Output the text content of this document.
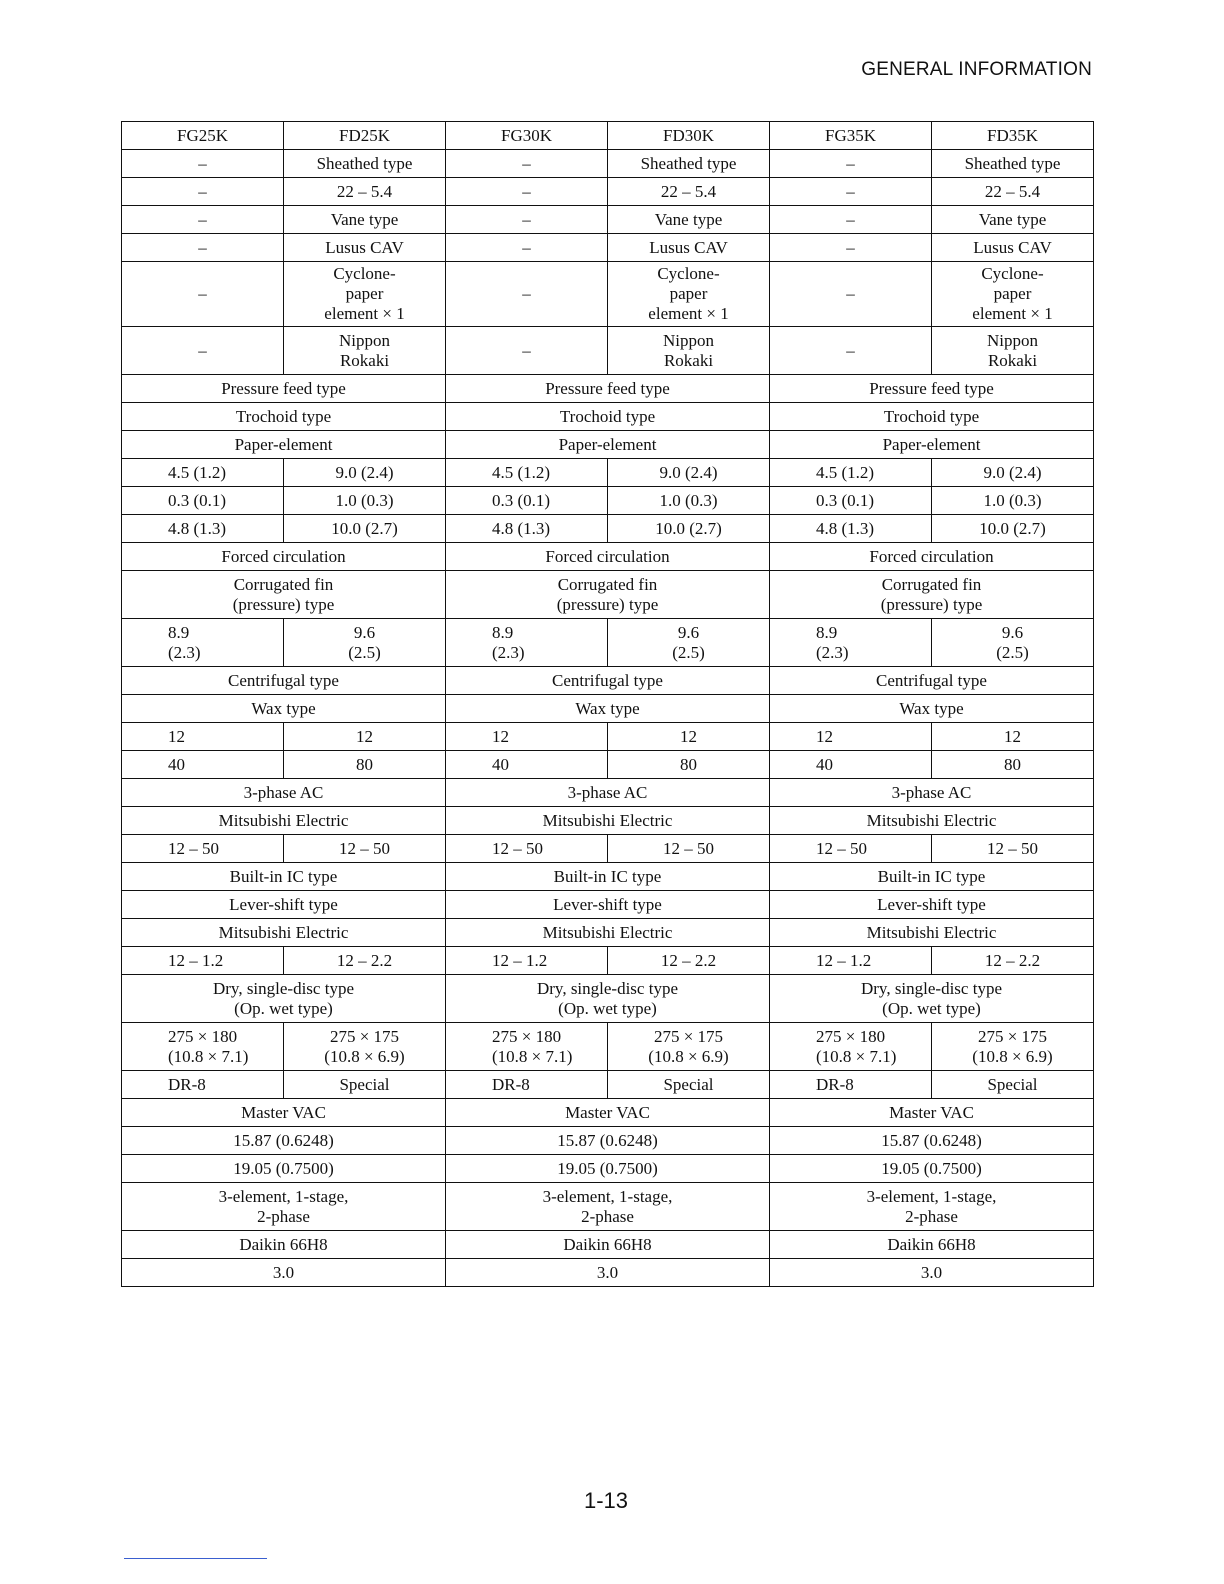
GENERAL INFORMATION
FG25K	FD25K	FG30K	FD30K	FG35K	FD35K
–	Sheathed type	–	Sheathed type	–	Sheathed type
–	22 – 5.4	–	22 – 5.4	–	22 – 5.4
–	Vane type	–	Vane type	–	Vane type
–	Lusus CAV	–	Lusus CAV	–	Lusus CAV
–	Cyclone-
paper
element × 1	–	Cyclone-
paper
element × 1	–	Cyclone-
paper
element × 1
–	Nippon
Rokaki	–	Nippon
Rokaki	–	Nippon
Rokaki
Pressure feed type		Pressure feed type		Pressure feed type	
Trochoid type		Trochoid type		Trochoid type	
Paper-element		Paper-element		Paper-element	
4.5 (1.2)	9.0 (2.4)	4.5 (1.2)	9.0 (2.4)	4.5 (1.2)	9.0 (2.4)
0.3 (0.1)	1.0 (0.3)	0.3 (0.1)	1.0 (0.3)	0.3 (0.1)	1.0 (0.3)
4.8 (1.3)	10.0 (2.7)	4.8 (1.3)	10.0 (2.7)	4.8 (1.3)	10.0 (2.7)
Forced circulation		Forced circulation		Forced circulation	
Corrugated fin
(pressure) type		Corrugated fin
(pressure) type		Corrugated fin
(pressure) type	
8.9
(2.3)	9.6
(2.5)	8.9
(2.3)	9.6
(2.5)	8.9
(2.3)	9.6
(2.5)
Centrifugal type		Centrifugal type		Centrifugal type	
Wax type		Wax type		Wax type	
12	12	12	12	12	12
40	80	40	80	40	80
3-phase AC		3-phase AC		3-phase AC	
Mitsubishi Electric		Mitsubishi Electric		Mitsubishi Electric	
12 – 50	12 – 50	12 – 50	12 – 50	12 – 50	12 – 50
Built-in IC type		Built-in IC type		Built-in IC type	
Lever-shift type		Lever-shift type		Lever-shift type	
Mitsubishi Electric		Mitsubishi Electric		Mitsubishi Electric	
12 – 1.2	12 – 2.2	12 – 1.2	12 – 2.2	12 – 1.2	12 – 2.2
Dry, single-disc type
(Op. wet type)		Dry, single-disc type
(Op. wet type)		Dry, single-disc type
(Op. wet type)	
275 × 180
(10.8 × 7.1)	275 × 175
(10.8 × 6.9)	275 × 180
(10.8 × 7.1)	275 × 175
(10.8 × 6.9)	275 × 180
(10.8 × 7.1)	275 × 175
(10.8 × 6.9)
DR-8	Special	DR-8	Special	DR-8	Special
Master VAC		Master VAC		Master VAC	
15.87 (0.6248)		15.87 (0.6248)		15.87 (0.6248)	
19.05 (0.7500)		19.05 (0.7500)		19.05 (0.7500)	
3-element, 1-stage,
2-phase		3-element, 1-stage,
2-phase		3-element, 1-stage,
2-phase	
Daikin 66H8		Daikin 66H8		Daikin 66H8	
3.0		3.0		3.0	
1-13
